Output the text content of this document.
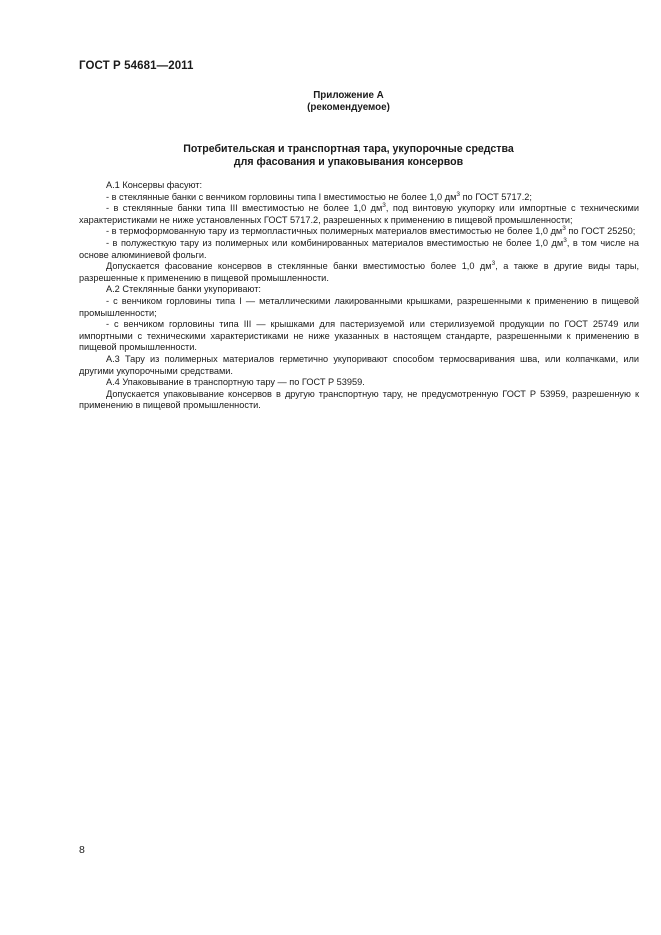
ГОСТ Р 54681—2011
Приложение А
(рекомендуемое)
Потребительская и транспортная тара, укупорочные средства
для фасования и упаковывания консервов

А.1 Консервы фасуют:

- в стеклянные банки с венчиком горловины типа I вместимостью не более 1,0 $дм^3$ по ГОСТ 5717.2;

- в стеклянные банки типа III вместимостью не более 1,0 $дм^3$, под винтовую укупорку или импортные с техническими характеристиками не ниже установленных ГОСТ 5717.2, разрешенных к применению в пищевой промышленности;

- в термоформованную тару из термопластичных полимерных материалов вместимостью не более 1,0 $дм^3$ по ГОСТ 25250;

- в полужесткую тару из полимерных или комбинированных материалов вместимостью не более 1,0 $дм^3$, в том числе на основе алюминиевой фольги.

Допускается фасование консервов в стеклянные банки вместимостью более 1,0 $дм^3$, а также в другие виды тары, разрешенные к применению в пищевой промышленности.

А.2 Стеклянные банки укупоривают:

- с венчиком горловины типа I — металлическими лакированными крышками, разрешенными к применению в пищевой промышленности;

- с венчиком горловины типа III — крышками для пастеризуемой или стерилизуемой продукции по ГОСТ 25749 или импортными с техническими характеристиками не ниже указанных в настоящем стандарте, разрешенными к применению в пищевой промышленности.

А.3 Тару из полимерных материалов герметично укупоривают способом термосваривания шва, или колпачками, или другими укупорочными средствами.

А.4 Упаковывание в транспортную тару — по ГОСТ Р 53959.

Допускается упаковывание консервов в другую транспортную тару, не предусмотренную ГОСТ Р 53959, разрешенную к применению в пищевой промышленности.

8
